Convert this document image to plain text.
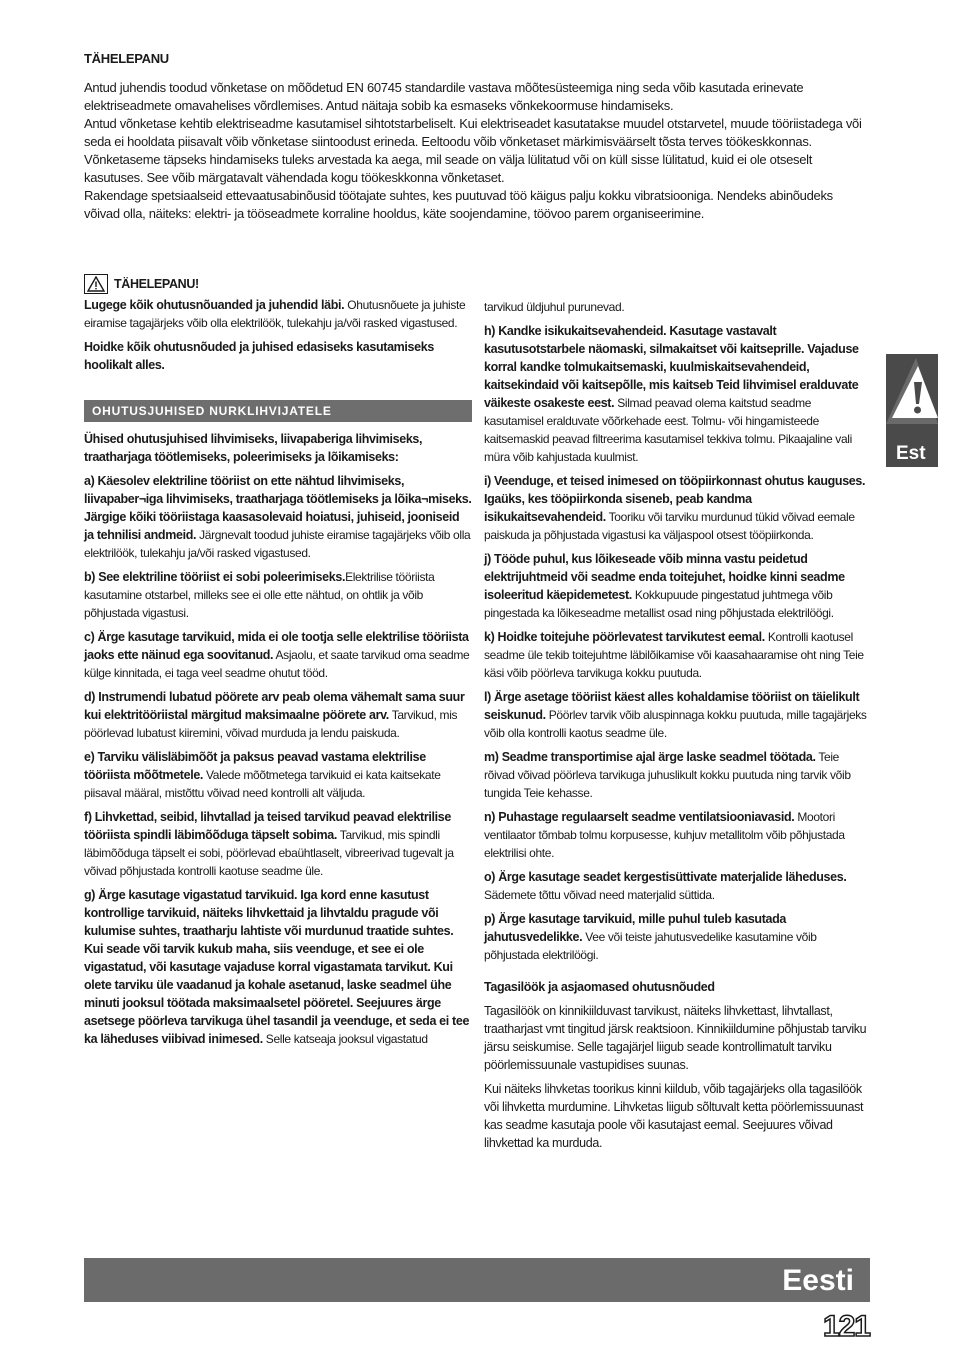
TÄHELEPANU

Antud juhendis toodud võnketase on mõõdetud EN 60745 standardile vastava mõõtesüsteemiga ning seda võib kasutada erinevate elektriseadmete omavahelises võrdlemises. Antud näitaja sobib ka esmaseks võnkekoormuse hindamiseks.

Antud võnketase kehtib elektriseadme kasutamisel sihtotstarbeliselt. Kui elektriseadet kasutatakse muudel otstarvetel, muude tööriistadega või seda ei hooldata piisavalt võib võnketase siintoodust erineda. Eeltoodu võib võnketaset märkimisväärselt tõsta terves töökeskkonnas.

Võnketaseme täpseks hindamiseks tuleks arvestada ka aega, mil seade on välja lülitatud või on küll sisse lülitatud, kuid ei ole otseselt kasutuses. See võib märgatavalt vähendada kogu töökeskkonna võnketaset.

Rakendage spetsiaalseid ettevaatusabinõusid töötajate suhtes, kes puutuvad töö käigus palju kokku vibratsiooniga. Nendeks abinõudeks võivad olla, näiteks: elektri- ja tööseadmete korraline hooldus, käte soojendamine, töövoo parem organiseerimine.

TÄHELEPANU!

Lugege kõik ohutusnõuanded ja juhendid läbi. Ohutusnõuete ja juhiste eiramise tagajärjeks võib olla elektrilöök, tulekahju ja/või rasked vigastused.

Hoidke kõik ohutusnõuded ja juhised edasiseks kasutamiseks hoolikalt alles.

OHUTUSJUHISED NURKLIHVIJATELE

Ühised ohutusjuhised lihvimiseks, liivapaberiga lihvimiseks, traatharjaga töötlemiseks, poleerimiseks ja lõikamiseks:

a) Käesolev elektriline tööriist on ette nähtud lihvimiseks, liivapaber¬iga lihvimiseks, traatharjaga töötlemiseks ja lõika¬miseks. Järgige kõiki tööriistaga kaasasolevaid hoiatusi, juhiseid, jooniseid ja tehnilisi andmeid. Järgnevalt toodud juhiste eiramise tagajärjeks võib olla elektrilöök, tulekahju ja/või rasked vigastused.

b) See elektriline tööriist ei sobi poleerimiseks.Elektrilise tööriista kasutamine otstarbel, milleks see ei olle ette nähtud, on ohtlik ja võib põhjustada vigastusi.

c) Ärge kasutage tarvikuid, mida ei ole tootja selle elektrilise tööriista jaoks ette näinud ega soovitanud. Asjaolu, et saate tarvikud oma seadme külge kinnitada, ei taga veel seadme ohutut tööd.

d) Instrumendi lubatud pöörete arv peab olema vähemalt sama suur kui elektritööriistal märgitud maksimaalne pöörete arv. Tarvikud, mis pöörlevad lubatust kiiremini, võivad murduda ja lendu paiskuda.

e) Tarviku välisläbimõõt ja paksus peavad vastama elektrilise tööriista mõõtmetele. Valede mõõtmetega tarvikuid ei kata kaitsekate piisaval määral, mistõttu võivad need kontrolli alt väljuda.

f) Lihvkettad, seibid, lihvtallad ja teised tarvikud peavad elektrilise tööriista spindli läbimõõduga täpselt sobima. Tarvikud, mis spindli läbimõõduga täpselt ei sobi, pöörlevad ebaühtlaselt, vibreerivad tugevalt ja võivad põhjustada kontrolli kaotuse seadme üle.

g) Ärge kasutage vigastatud tarvikuid. Iga kord enne kasutust kontrollige tarvikuid, näiteks lihvkettaid ja lihvtaldu pragude või kulumise suhtes, traatharju lahtiste või murdunud traatide suhtes. Kui seade või tarvik kukub maha, siis veenduge, et see ei ole vigastatud, või kasutage vajaduse korral vigastamata tarvikut. Kui olete tarviku üle vaadanud ja kohale asetanud, laske seadmel ühe minuti jooksul töötada maksimaalsetel pööretel. Seejuures ärge asetsege pöörleva tarvikuga ühel tasandil ja veenduge, et seda ei tee ka läheduses viibivad inimesed. Selle katseaja jooksul vigastatud

tarvikud üldjuhul purunevad.

h) Kandke isikukaitsevahendeid. Kasutage vastavalt kasutusotstarbele näomaski, silmakaitset või kaitseprille. Vajaduse korral kandke tolmukaitsemaski, kuulmiskaitsevahendeid, kaitsekindaid või kaitsepõlle, mis kaitseb Teid lihvimisel eralduvate väikeste osakeste eest. Silmad peavad olema kaitstud seadme kasutamisel eralduvate võõrkehade eest. Tolmu- või hingamisteede kaitsemaskid peavad filtreerima kasutamisel tekkiva tolmu. Pikaajaline vali müra võib kahjustada kuulmist.

i) Veenduge, et teised inimesed on tööpiirkonnast ohutus kauguses. Igaüks, kes tööpiirkonda siseneb, peab kandma isikukaitsevahendeid. Tooriku või tarviku murdunud tükid võivad eemale paiskuda ja põhjustada vigastusi ka väljaspool otsest tööpiirkonda.

j) Tööde puhul, kus lõikeseade võib minna vastu peidetud elektrijuhtmeid või seadme enda toitejuhet, hoidke kinni seadme isoleeritud käepidemetest. Kokkupuude pingestatud juhtmega võib pingestada ka lõikeseadme metallist osad ning põhjustada elektrilöögi.

k) Hoidke toitejuhe pöörlevatest tarvikutest eemal. Kontrolli kaotusel seadme üle tekib toitejuhtme läbilõikamise või kaasahaaramise oht ning Teie käsi võib pöörleva tarvikuga kokku puutuda.

l) Ärge asetage tööriist käest alles kohaldamise tööriist on täielikult seiskunud. Pöörlev tarvik võib aluspinnaga kokku puutuda, mille tagajärjeks võib olla kontrolli kaotus seadme üle.

m) Seadme transportimise ajal ärge laske seadmel töötada. Teie rõivad võivad pöörleva tarvikuga juhuslikult kokku puutuda ning tarvik võib tungida Teie kehasse.

n) Puhastage regulaarselt seadme ventilatsiooniavasid. Mootori ventilaator tõmbab tolmu korpusesse, kuhjuv metallitolm võib põhjustada elektrilisi ohte.

o) Ärge kasutage seadet kergestisüttivate materjalide läheduses. Sädemete tõttu võivad need materjalid süttida.

p) Ärge kasutage tarvikuid, mille puhul tuleb kasutada jahutusvedelikke. Vee või teiste jahutusvedelike kasutamine võib põhjustada elektrilöögi.

Tagasilöök ja asjaomased ohutusnõuded

Tagasilöök on kinnikiilduvast tarvikust, näiteks lihvkettast, lihvtallast, traatharjast vmt tingitud järsk reaktsioon. Kinnikiildumine põhjustab tarviku järsu seiskumise. Selle tagajärjel liigub seade kontrollimatult tarviku pöörlemissuunale vastupidises suunas.

Kui näiteks lihvketas toorikus kinni kiildub, võib tagajärjeks olla tagasilöök või lihvketta murdumine. Lihvketas liigub sõltuvalt ketta pöörlemissuunast kas seadme kasutaja poole või kasutajast eemal. Seejuures võivad lihvkettad ka murduda.

Est
Eesti
121
